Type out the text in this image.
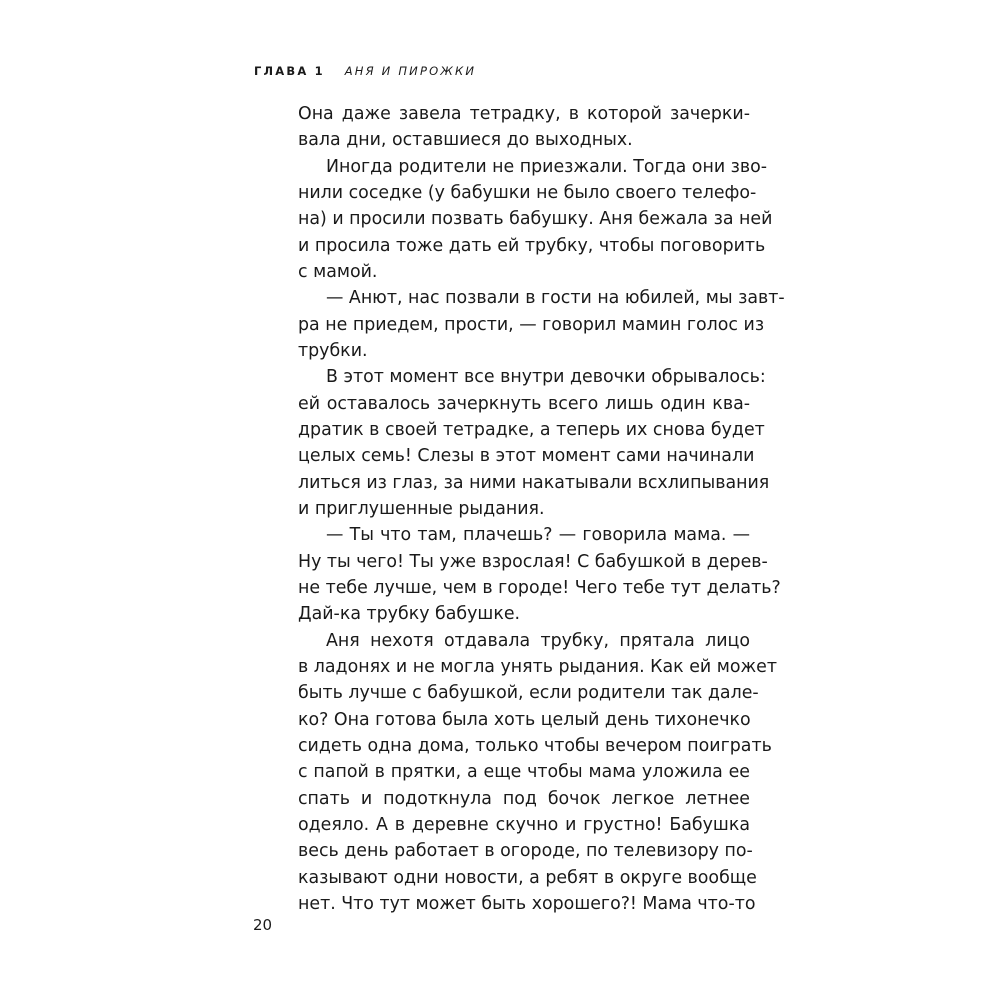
ГЛАВА 1 АНЯ И ПИРОЖКИ
Она даже завела тетрадку, в которой зачерки-
вала дни, оставшиеся до выходных.
Иногда родители не приезжали. Тогда они зво-
нили соседке (у бабушки не было своего телефо-
на) и просили позвать бабушку. Аня бежала за ней
и просила тоже дать ей трубку, чтобы поговорить
с мамой.
— Анют, нас позвали в гости на юбилей, мы завт-
ра не приедем, прости, — говорил мамин голос из
трубки.
В этот момент все внутри девочки обрывалось:
ей оставалось зачеркнуть всего лишь один ква-
дратик в своей тетрадке, а теперь их снова будет
целых семь! Слезы в этот момент сами начинали
литься из глаз, за ними накатывали всхлипывания
и приглушенные рыдания.
— Ты что там, плачешь? — говорила мама. —
Ну ты чего! Ты уже взрослая! С бабушкой в дерев-
не тебе лучше, чем в городе! Чего тебе тут делать?
Дай-ка трубку бабушке.
Аня нехотя отдавала трубку, прятала лицо
в ладонях и не могла унять рыдания. Как ей может
быть лучше с бабушкой, если родители так дале-
ко? Она готова была хоть целый день тихонечко
сидеть одна дома, только чтобы вечером поиграть
с папой в прятки, а еще чтобы мама уложила ее
спать и подоткнула под бочок легкое летнее
одеяло. А в деревне скучно и грустно! Бабушка
весь день работает в огороде, по телевизору по-
казывают одни новости, а ребят в округе вообще
нет. Что тут может быть хорошего?! Мама что-то
20
